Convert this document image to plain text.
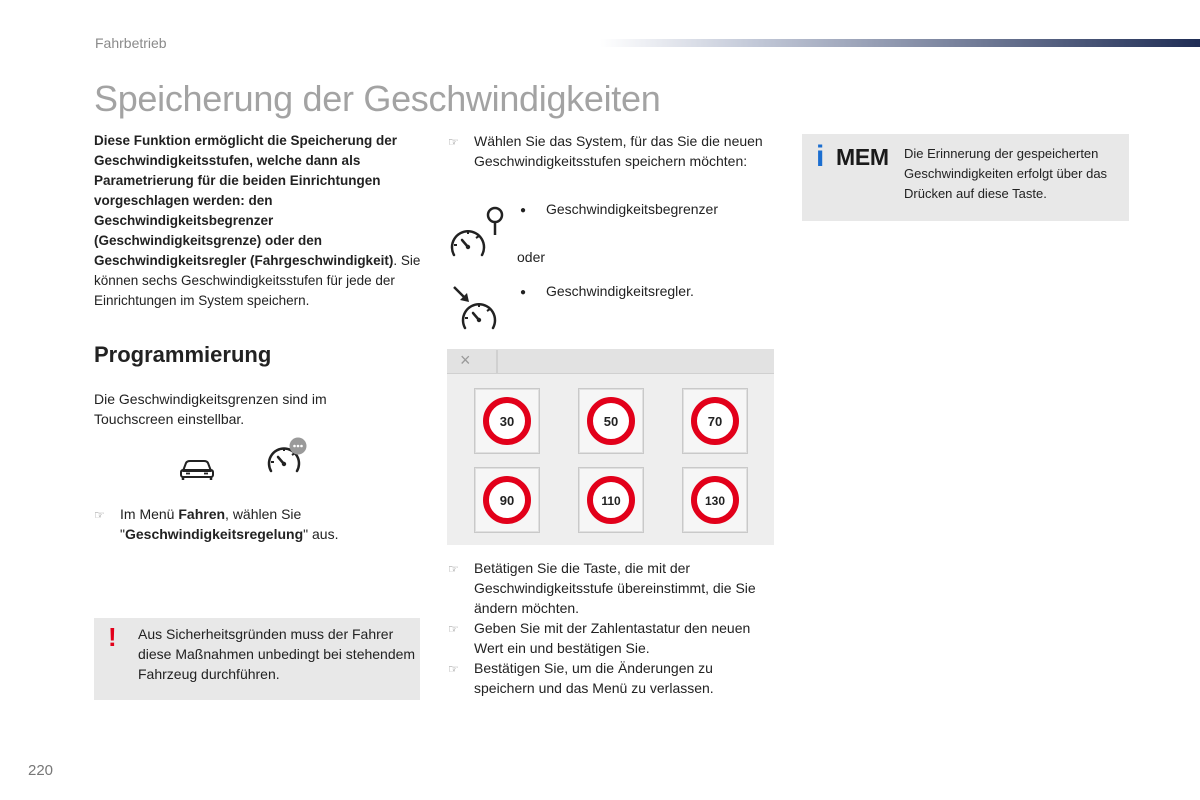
Fahrbetrieb
Speicherung der Geschwindigkeiten

Diese Funktion ermöglicht die Speicherung der Geschwindigkeitsstufen, welche dann als Parametrierung für die beiden Einrichtungen vorgeschlagen werden: den Geschwindigkeitsbegrenzer (Geschwindigkeitsgrenze) oder den Geschwindigkeitsregler (Fahrgeschwindigkeit). Sie können sechs Geschwindigkeitsstufen für jede der Einrichtungen im System speichern.

Programmierung
Die Geschwindigkeitsgrenzen sind im Touchscreen einstellbar.
☞ Im Menü Fahren, wählen Sie "Geschwindigkeitsregelung" aus.
! Aus Sicherheitsgründen muss der Fahrer diese Maßnahmen unbedingt bei stehendem Fahrzeug durchführen.
☞ Wählen Sie das System, für das Sie die neuen Geschwindigkeitsstufen speichern möchten:
● Geschwindigkeitsbegrenzer
oder
● Geschwindigkeitsregler.
×
30	50	70
90	110	130
☞ Betätigen Sie die Taste, die mit der Geschwindigkeitsstufe übereinstimmt, die Sie ändern möchten.
☞ Geben Sie mit der Zahlentastatur den neuen Wert ein und bestätigen Sie.
☞ Bestätigen Sie, um die Änderungen zu speichern und das Menü zu verlassen.
i MEM Die Erinnerung der gespeicherten Geschwindigkeiten erfolgt über das Drücken auf diese Taste.
220
